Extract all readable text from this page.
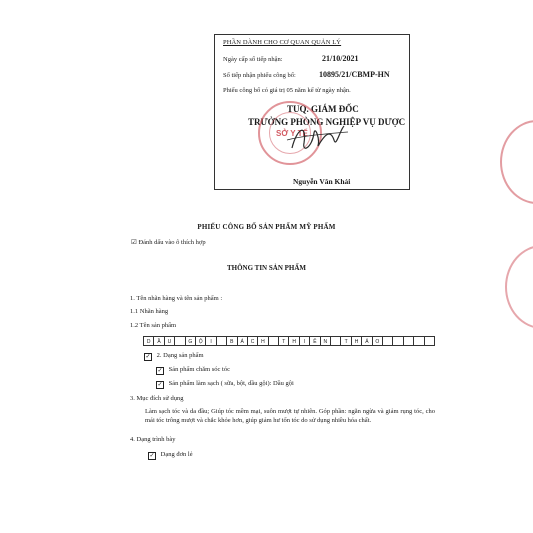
PHẦN DÀNH CHO CƠ QUAN QUẢN LÝ
Ngày cấp số tiếp nhận:	21/10/2021
Số tiếp nhận phiếu công bố:	10895/21/CBMP-HN
Phiếu công bố có giá trị 05 năm kể từ ngày nhận.
TUQ. GIÁM ĐỐC
TRƯỞNG PHÒNG NGHIỆP VỤ DƯỢC
Nguyễn Văn Khải
SỞ Y TẾ
PHIẾU CÔNG BỐ SẢN PHẨM MỸ PHẨM
☑ Đánh dấu vào ô thích hợp
THÔNG TIN SẢN PHẨM
1. Tên nhãn hàng và tên sản phẩm :
1.1 Nhãn hàng
1.2 Tên sản phẩm
D	Ầ	U	G	Ộ	I	B	Á	C	H	T	H	I	Ê	N	T	H	Ả	O
✓ 2. Dạng sản phẩm
✓ Sản phẩm chăm sóc tóc
✓ Sản phẩm làm sạch ( sữa, bột, dầu gội): Dầu gội
3. Mục đích sử dụng
Làm sạch tóc và da đầu; Giúp tóc mềm mại, suôn mượt tự nhiên. Góp phần: ngăn ngừa và giảm rụng tóc, cho mái tóc trông mượt và chắc khỏe hơn, giúp giảm hư tổn tóc do sử dụng nhiều hóa chất.
4. Dạng trình bày
✓ Dạng đơn lẻ
